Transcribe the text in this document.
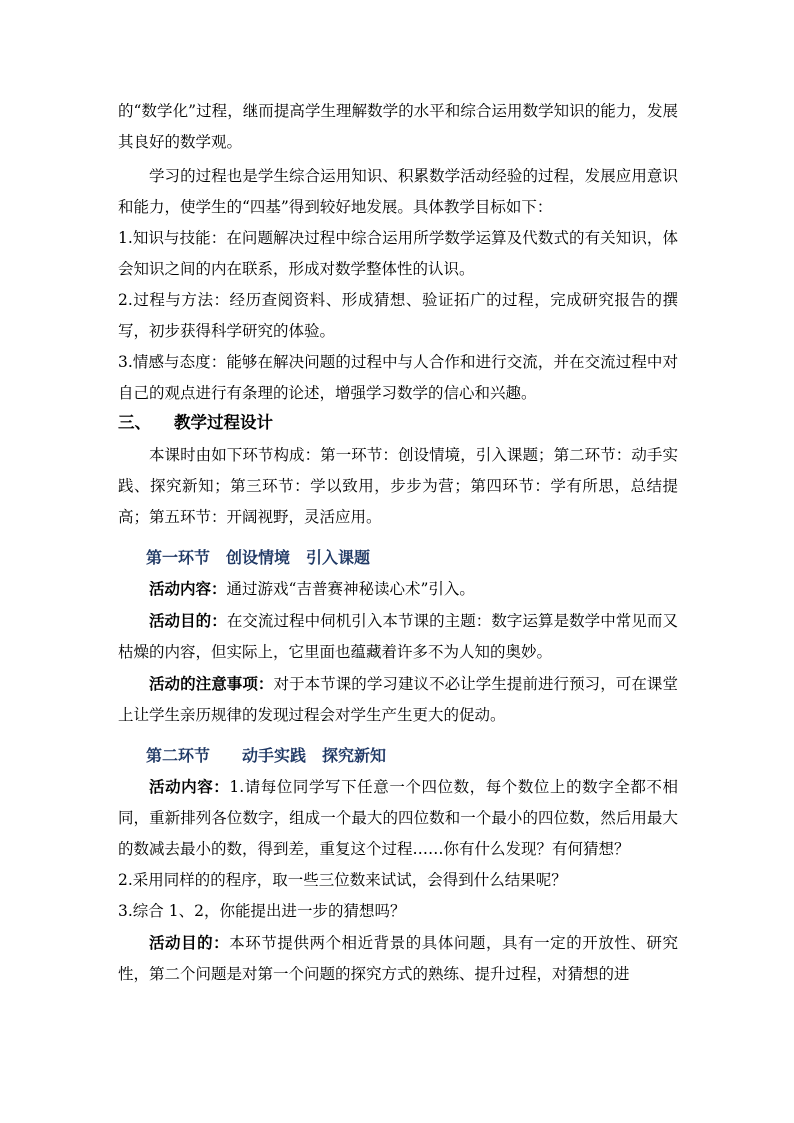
的“数学化”过程，继而提高学生理解数学的水平和综合运用数学知识的能力，发展其良好的数学观。

学习的过程也是学生综合运用知识、积累数学活动经验的过程，发展应用意识和能力，使学生的“四基”得到较好地发展。具体教学目标如下：

1.知识与技能：在问题解决过程中综合运用所学数学运算及代数式的有关知识，体会知识之间的内在联系，形成对数学整体性的认识。

2.过程与方法：经历查阅资料、形成猜想、验证拓广的过程，完成研究报告的撰写，初步获得科学研究的体验。

3.情感与态度：能够在解决问题的过程中与人合作和进行交流，并在交流过程中对自己的观点进行有条理的论述，增强学习数学的信心和兴趣。

三、	教学过程设计

本课时由如下环节构成：第一环节：创设情境，引入课题；第二环节：动手实践、探究新知；第三环节：学以致用，步步为营；第四环节：学有所思，总结提高；第五环节：开阔视野，灵活应用。

第一环节　创设情境　引入课题

活动内容：通过游戏“吉普赛神秘读心术”引入。

活动目的：在交流过程中伺机引入本节课的主题：数字运算是数学中常见而又枯燥的内容，但实际上，它里面也蕴藏着许多不为人知的奥妙。

活动的注意事项：对于本节课的学习建议不必让学生提前进行预习，可在课堂上让学生亲历规律的发现过程会对学生产生更大的促动。

第二环节　　动手实践　探究新知

活动内容：1.请每位同学写下任意一个四位数，每个数位上的数字全都不相同，重新排列各位数字，组成一个最大的四位数和一个最小的四位数，然后用最大的数减去最小的数，得到差，重复这个过程……你有什么发现？有何猜想？

2.采用同样的的程序，取一些三位数来试试，会得到什么结果呢？

3.综合 1、2，你能提出进一步的猜想吗？

活动目的：本环节提供两个相近背景的具体问题，具有一定的开放性、研究性，第二个问题是对第一个问题的探究方式的熟练、提升过程，对猜想的进
